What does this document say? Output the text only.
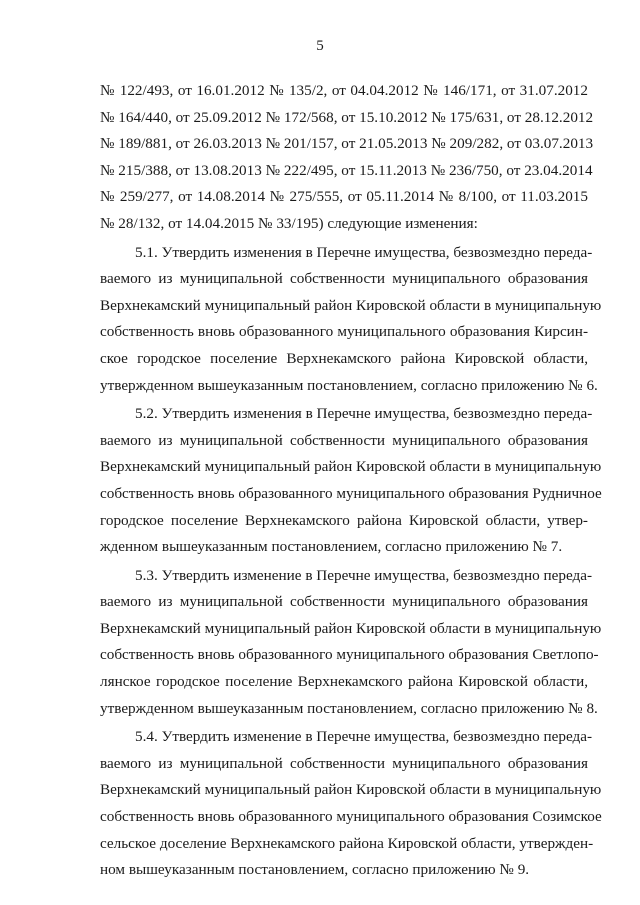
5
№ 122/493, от 16.01.2012 № 135/2, от 04.04.2012 № 146/171, от 31.07.2012
№ 164/440, от 25.09.2012 № 172/568, от 15.10.2012 № 175/631, от 28.12.2012
№ 189/881, от 26.03.2013 № 201/157, от 21.05.2013 № 209/282, от 03.07.2013
№ 215/388, от 13.08.2013 № 222/495, от 15.11.2013 № 236/750, от 23.04.2014
№ 259/277, от 14.08.2014 № 275/555, от 05.11.2014 № 8/100, от 11.03.2015
№ 28/132, от 14.04.2015 № 33/195) следующие изменения:
5.1. Утвердить изменения в Перечне имущества, безвозмездно переда-
ваемого из муниципальной собственности муниципального образования
Верхнекамский муниципальный район Кировской области в муниципальную
собственность вновь образованного муниципального образования Кирсин-
ское городское поселение Верхнекамского района Кировской области,
утвержденном вышеуказанным постановлением, согласно приложению № 6.
5.2. Утвердить изменения в Перечне имущества, безвозмездно переда-
ваемого из муниципальной собственности муниципального образования
Верхнекамский муниципальный район Кировской области в муниципальную
собственность вновь образованного муниципального образования Рудничное
городское поселение Верхнекамского района Кировской области, утвер-
жденном вышеуказанным постановлением, согласно приложению № 7.
5.3. Утвердить изменение в Перечне имущества, безвозмездно переда-
ваемого из муниципальной собственности муниципального образования
Верхнекамский муниципальный район Кировской области в муниципальную
собственность вновь образованного муниципального образования Светлопо-
лянское городское поселение Верхнекамского района Кировской области,
утвержденном вышеуказанным постановлением, согласно приложению № 8.
5.4. Утвердить изменение в Перечне имущества, безвозмездно переда-
ваемого из муниципальной собственности муниципального образования
Верхнекамский муниципальный район Кировской области в муниципальную
собственность вновь образованного муниципального образования Созимское
сельское доселение Верхнекамского района Кировской области, утвержден-
ном вышеуказанным постановлением, согласно приложению № 9.
